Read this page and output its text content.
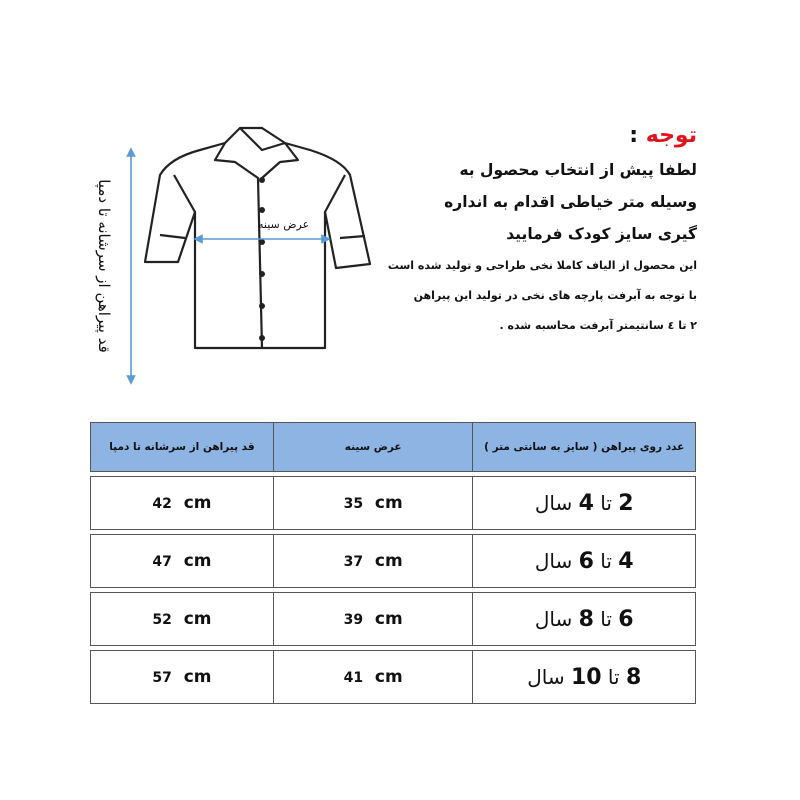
قد پیراهن از سرشانه تا دمپا	عرض سینه
توجه :
لطفا پیش از انتخاب محصول به
وسیله متر خیاطی اقدام به انداره
گیری سایز کودک فرمایید
این محصول از الیاف کاملا نخی طراحی و تولید شده است
با توجه به آبرفت پارچه های نخی در تولید این پیراهن
۲ تا ٤ سانتیمتر آبرفت محاسبه شده .
قد پیراهن از سرشانه تا دمپا	عرض سینه	عدد روی پیراهن ( سایز به سانتی متر )

42 cm	35 cm	2 تا 4 سال

47 cm	37 cm	4 تا 6 سال

52 cm	39 cm	6 تا 8 سال

57 cm	41 cm	8 تا 10 سال
